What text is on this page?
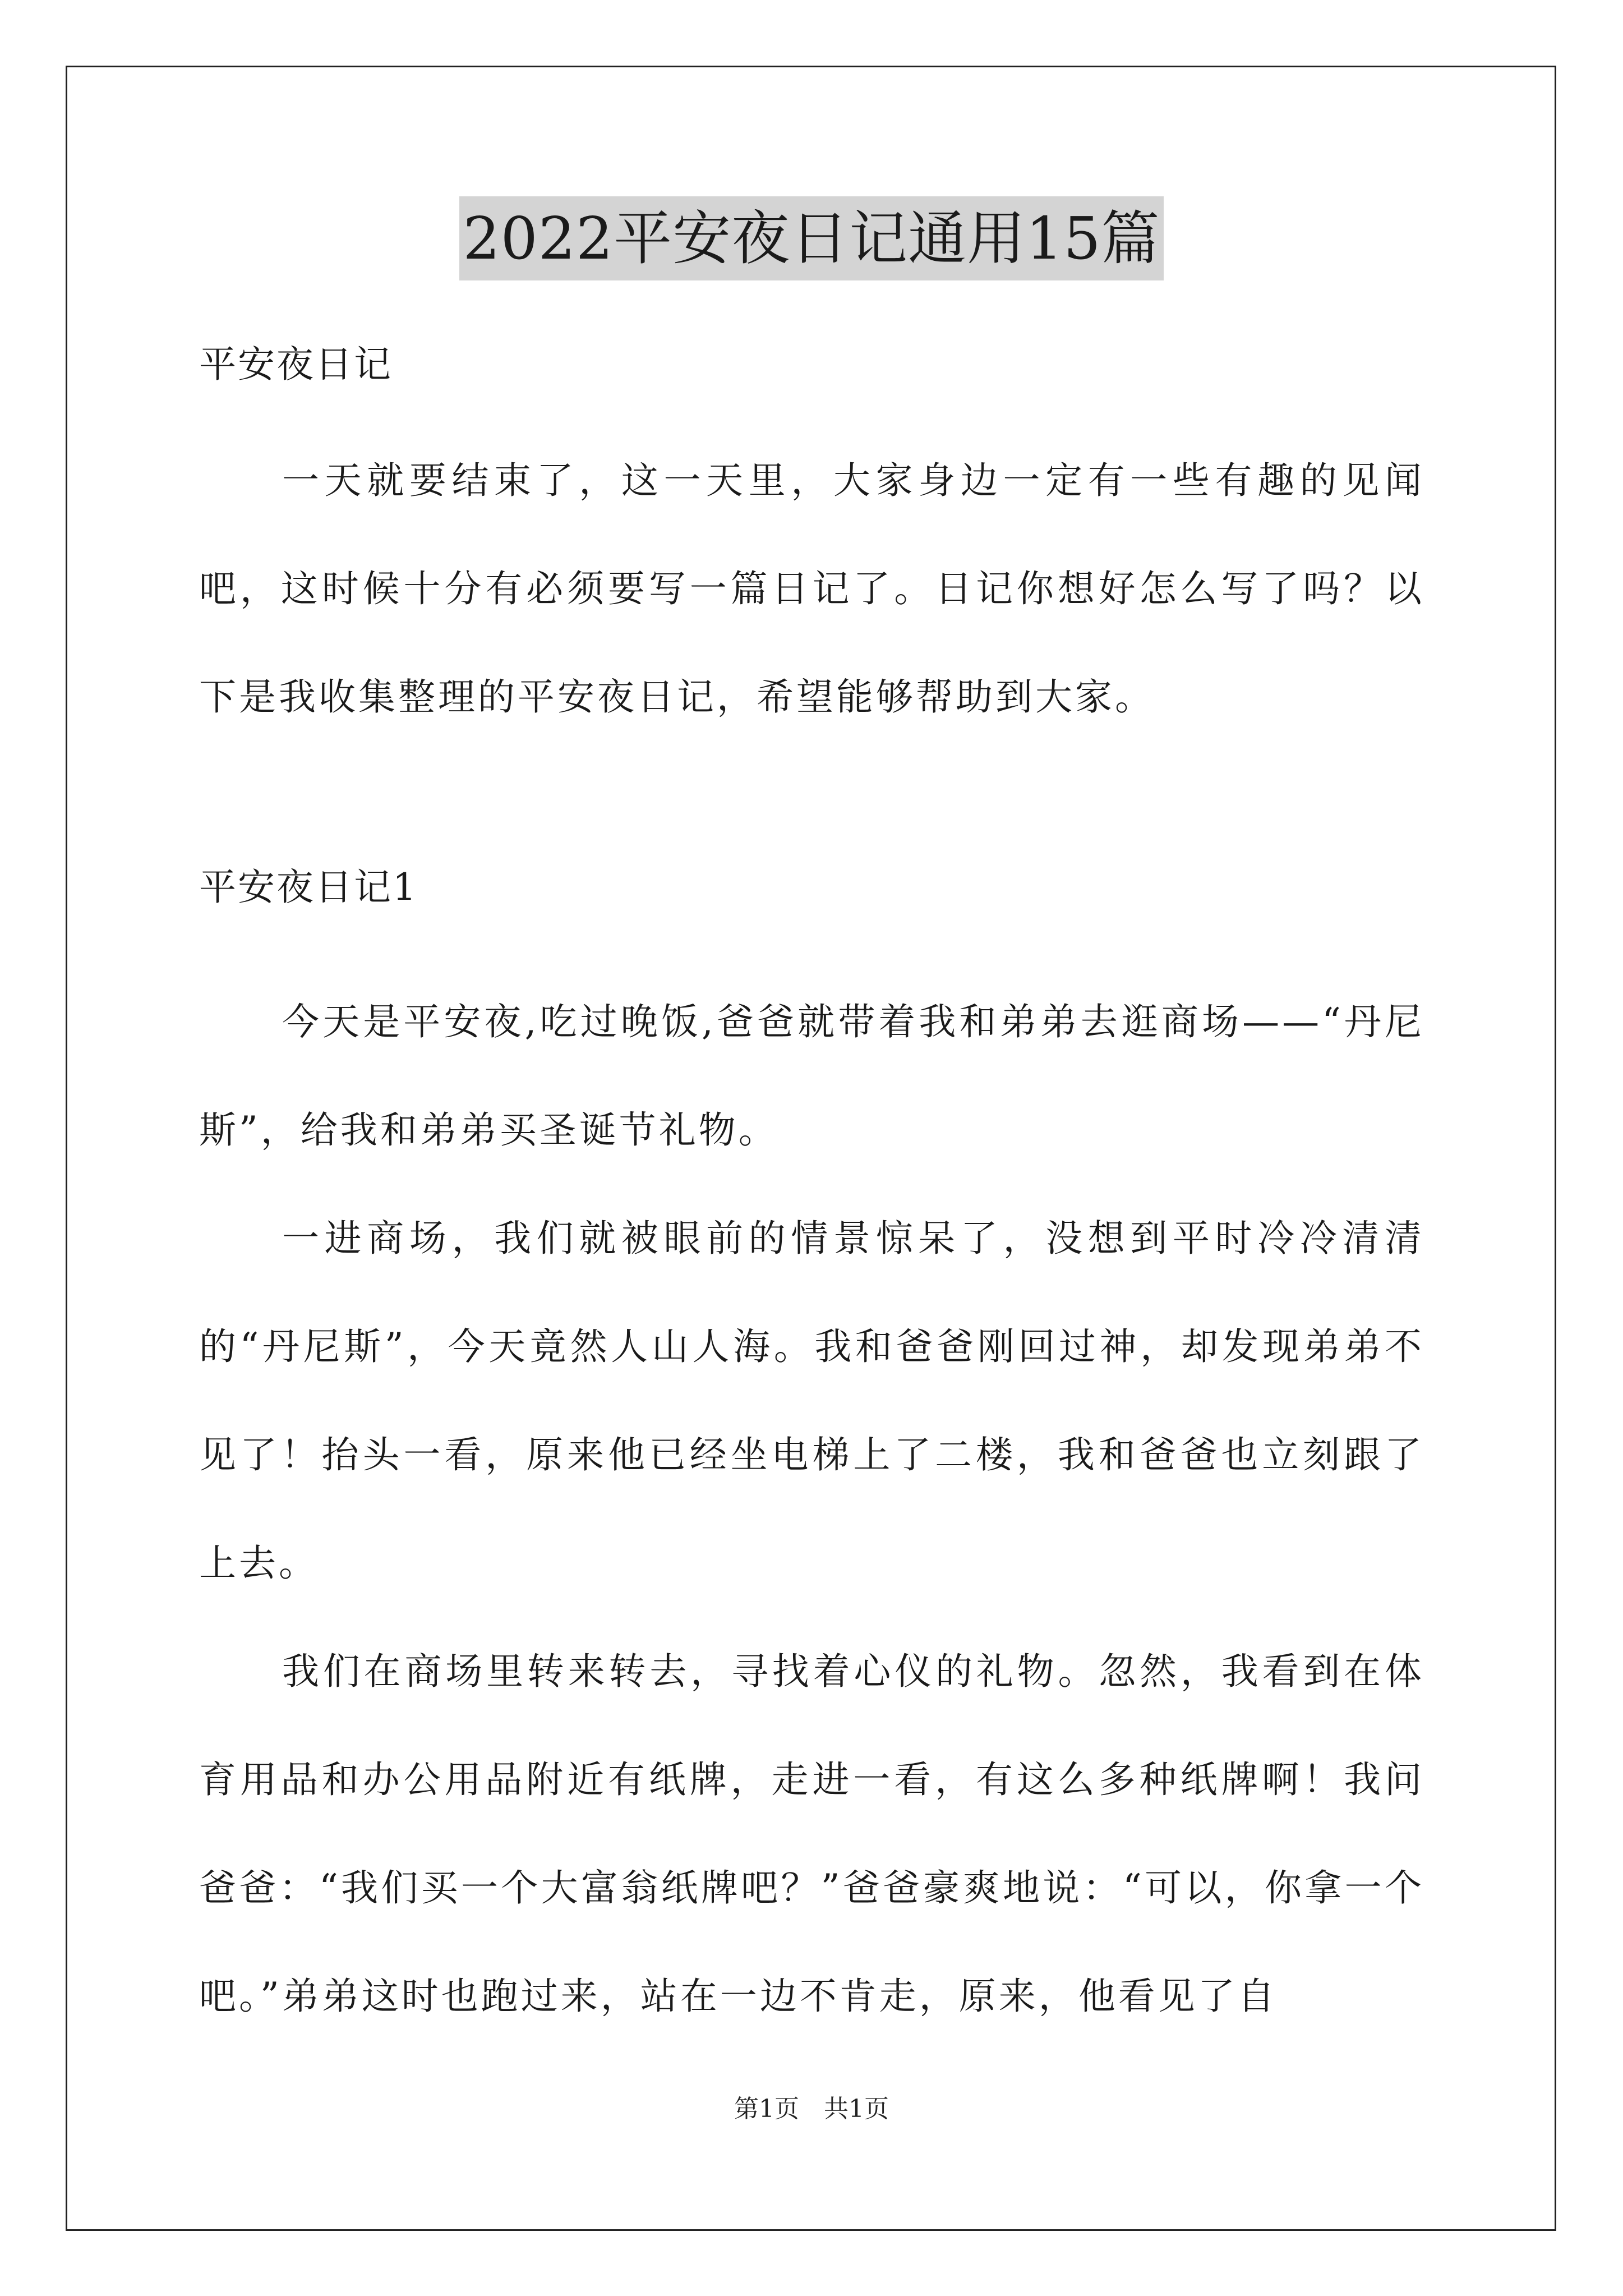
2022平安夜日记通用15篇

平安夜日记

一天就要结束了，这一天里，大家身边一定有一些有趣的见闻吧，这时候十分有必须要写一篇日记了。日记你想好怎么写了吗？以下是我收集整理的平安夜日记，希望能够帮助到大家。

平安夜日记1

今天是平安夜,吃过晚饭,爸爸就带着我和弟弟去逛商场——“丹尼斯”，给我和弟弟买圣诞节礼物。

一进商场，我们就被眼前的情景惊呆了，没想到平时冷冷清清的“丹尼斯”，今天竟然人山人海。我和爸爸刚回过神，却发现弟弟不见了！抬头一看，原来他已经坐电梯上了二楼，我和爸爸也立刻跟了上去。

我们在商场里转来转去，寻找着心仪的礼物。忽然，我看到在体育用品和办公用品附近有纸牌，走进一看，有这么多种纸牌啊！我问爸爸：“我们买一个大富翁纸牌吧？”爸爸豪爽地说：“可以，你拿一个吧。”弟弟这时也跑过来，站在一边不肯走，原来，他看见了自

第1页 共1页
